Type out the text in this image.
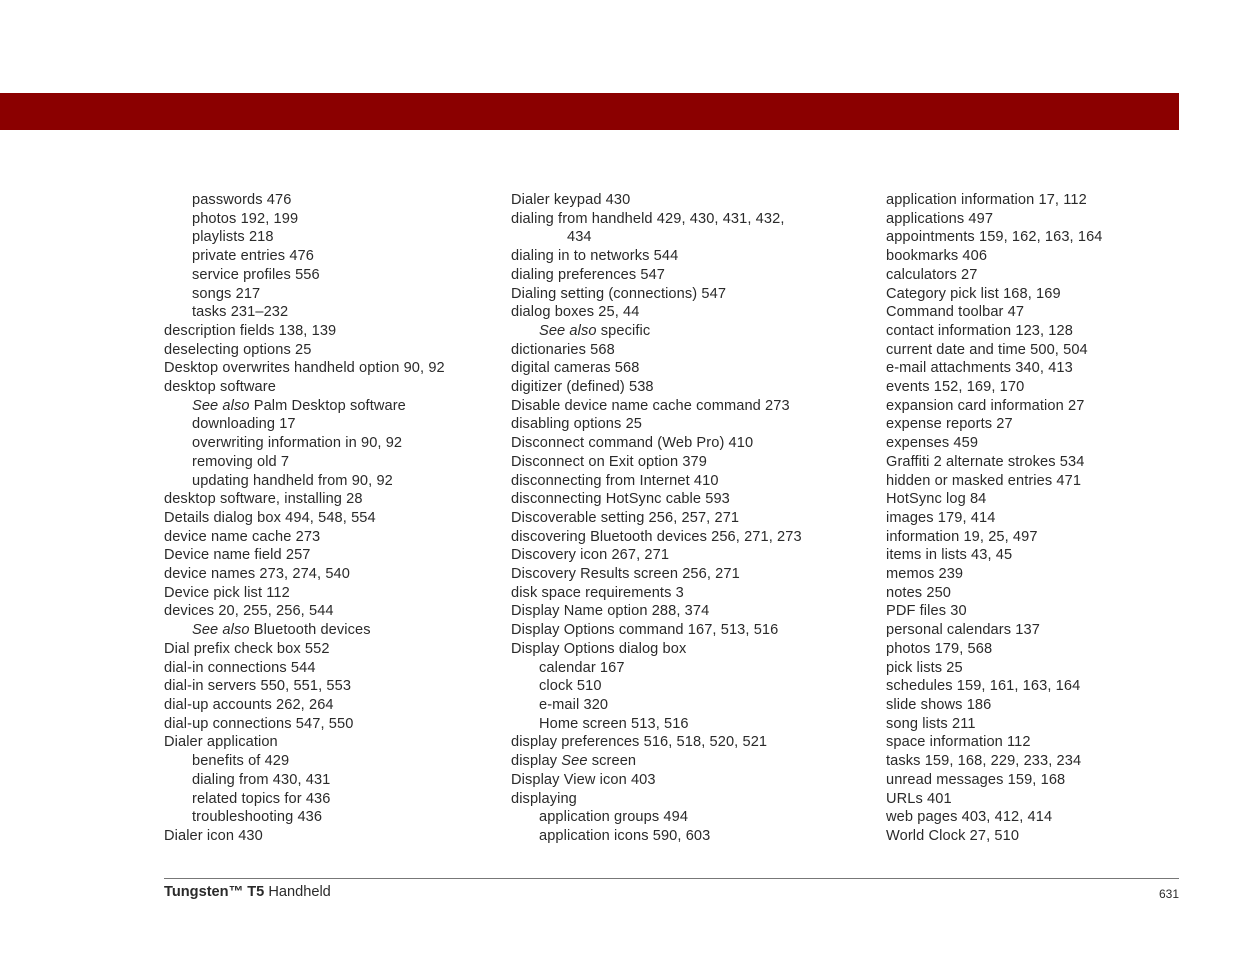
passwords 476
photos 192, 199
playlists 218
private entries 476
service profiles 556
songs 217
tasks 231–232
description fields 138, 139
deselecting options 25
Desktop overwrites handheld option 90, 92
desktop software
See also Palm Desktop software
downloading 17
overwriting information in 90, 92
removing old 7
updating handheld from 90, 92
desktop software, installing 28
Details dialog box 494, 548, 554
device name cache 273
Device name field 257
device names 273, 274, 540
Device pick list 112
devices 20, 255, 256, 544
See also Bluetooth devices
Dial prefix check box 552
dial-in connections 544
dial-in servers 550, 551, 553
dial-up accounts 262, 264
dial-up connections 547, 550
Dialer application
benefits of 429
dialing from 430, 431
related topics for 436
troubleshooting 436
Dialer icon 430
Dialer keypad 430
dialing from handheld 429, 430, 431, 432,
434
dialing in to networks 544
dialing preferences 547
Dialing setting (connections) 547
dialog boxes 25, 44
See also specific
dictionaries 568
digital cameras 568
digitizer (defined) 538
Disable device name cache command 273
disabling options 25
Disconnect command (Web Pro) 410
Disconnect on Exit option 379
disconnecting from Internet 410
disconnecting HotSync cable 593
Discoverable setting 256, 257, 271
discovering Bluetooth devices 256, 271, 273
Discovery icon 267, 271
Discovery Results screen 256, 271
disk space requirements 3
Display Name option 288, 374
Display Options command 167, 513, 516
Display Options dialog box
calendar 167
clock 510
e-mail 320
Home screen 513, 516
display preferences 516, 518, 520, 521
display See screen
Display View icon 403
displaying
application groups 494
application icons 590, 603
application information 17, 112
applications 497
appointments 159, 162, 163, 164
bookmarks 406
calculators 27
Category pick list 168, 169
Command toolbar 47
contact information 123, 128
current date and time 500, 504
e-mail attachments 340, 413
events 152, 169, 170
expansion card information 27
expense reports 27
expenses 459
Graffiti 2 alternate strokes 534
hidden or masked entries 471
HotSync log 84
images 179, 414
information 19, 25, 497
items in lists 43, 45
memos 239
notes 250
PDF files 30
personal calendars 137
photos 179, 568
pick lists 25
schedules 159, 161, 163, 164
slide shows 186
song lists 211
space information 112
tasks 159, 168, 229, 233, 234
unread messages 159, 168
URLs 401
web pages 403, 412, 414
World Clock 27, 510
Tungsten™ T5 Handheld	631
